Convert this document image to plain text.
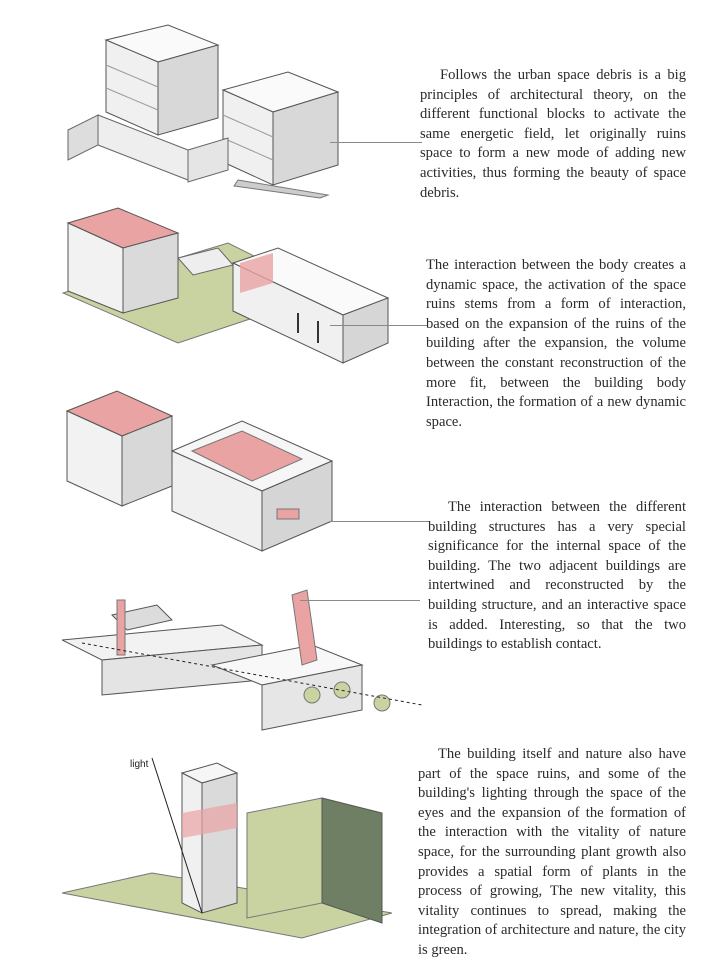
Follows the urban space debris is a big principles of architectural theory, on the different functional blocks to activate the same energetic field, let originally ruins space to form a new mode of adding new activities, thus forming the beauty of space debris.
The interaction between the body creates a dynamic space, the activation of the space ruins stems from a form of interaction, based on the expansion of the ruins of the building after the expansion, the volume between the constant reconstruction of the more fit, between the building body Interaction, the formation of a new dynamic space.
The interaction between the different building structures has a very special significance for the internal space of the building. The two adjacent buildings are intertwined and reconstructed by the building structure, and an interactive space is added. Interesting, so that the two buildings to establish contact.
light
The building itself and nature also have part of the space ruins, and some of the building's lighting through the space of the eyes and the expansion of the formation of the interaction with the vitality of nature space, for the surrounding plant growth also provides a spatial form of plants in the process of growing, The new vitality, this vitality continues to spread, making the integration of architecture and nature, the city is green.
